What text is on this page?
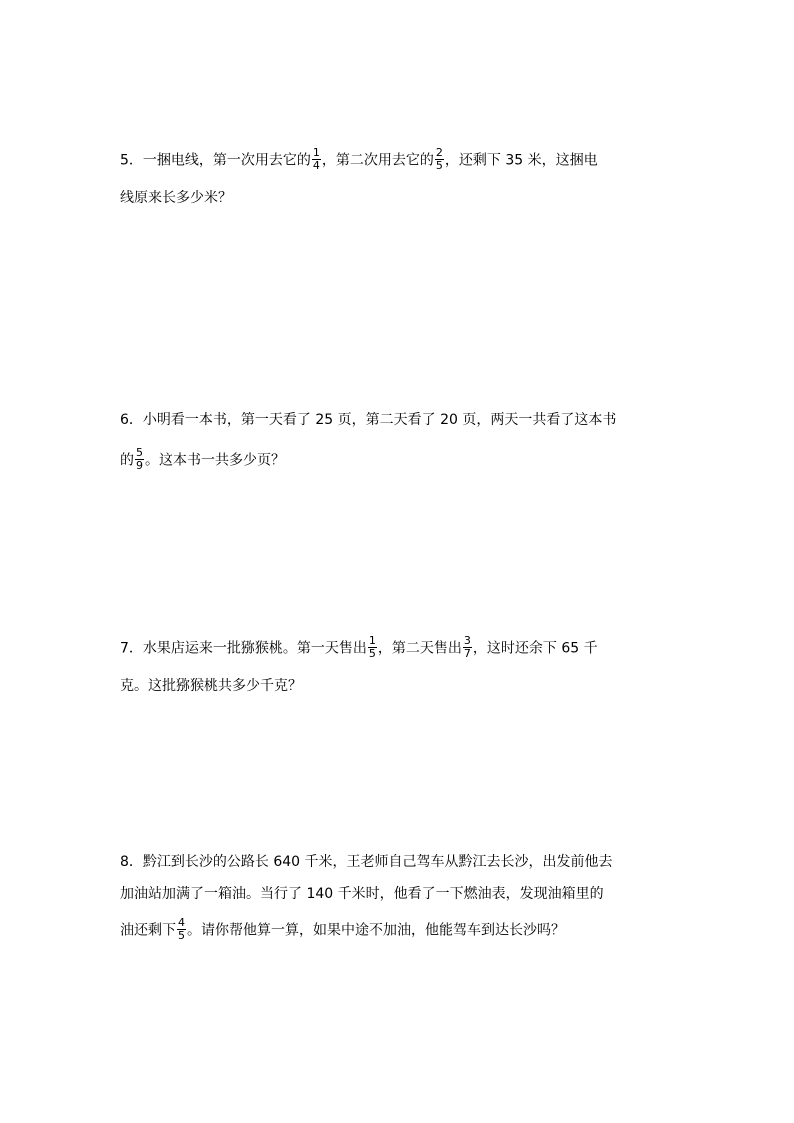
5．一捆电线，第一次用去它的 $\frac{1}{4}$ ，第二次用去它的 $\frac{2}{5}$ ，还剩下 35 米，这捆电
线原来长多少米？
6．小明看一本书，第一天看了 25 页，第二天看了 20 页，两天一共看了这本书
的 $\frac{5}{9}$ 。这本书一共多少页？
7．水果店运来一批猕猴桃。第一天售出 $\frac{1}{5}$ ，第二天售出 $\frac{3}{7}$ ，这时还余下 65 千
克。这批猕猴桃共多少千克？
8．黔江到长沙的公路长 640 千米，王老师自己驾车从黔江去长沙，出发前他去
加油站加满了一箱油。当行了 140 千米时，他看了一下燃油表，发现油箱里的
油还剩下 $\frac{4}{5}$ 。请你帮他算一算，如果中途不加油，他能驾车到达长沙吗？
